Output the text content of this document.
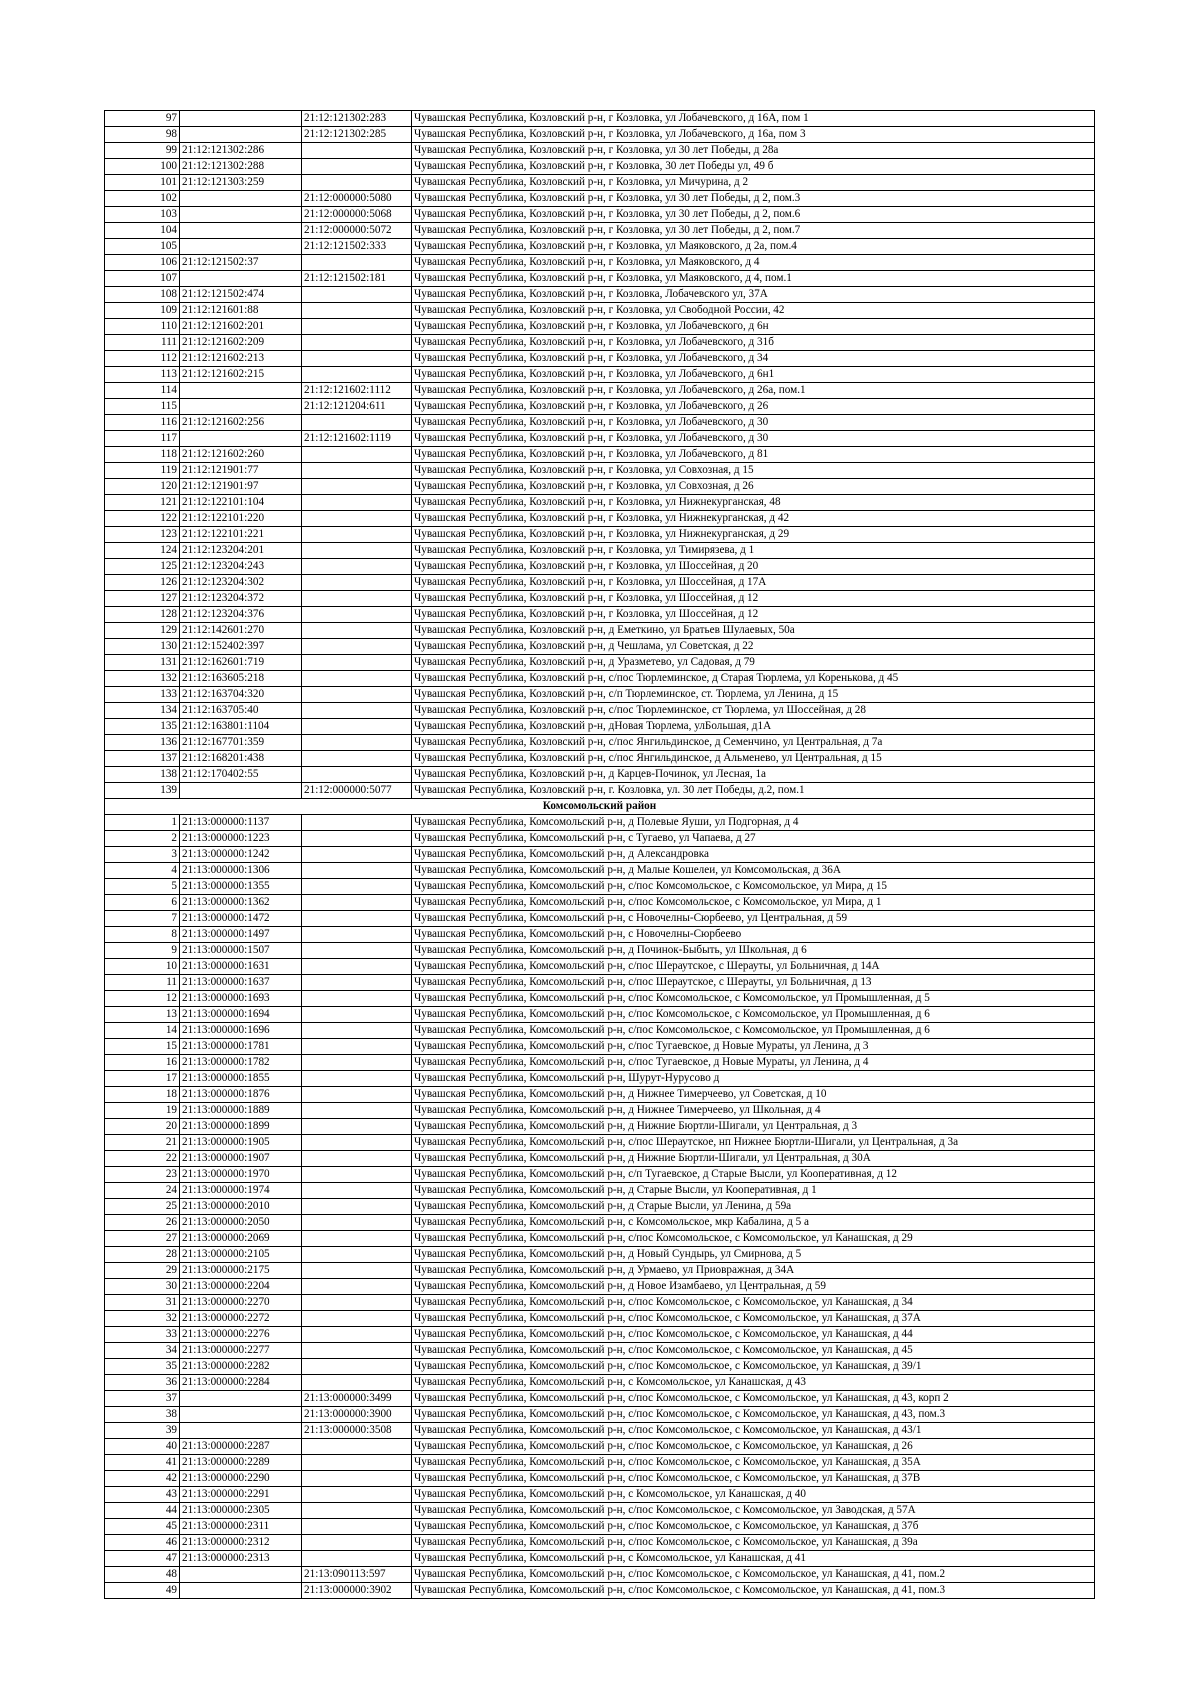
97		21:12:121302:283	Чувашская Республика, Козловский р-н, г Козловка, ул Лобачевского, д 16А, пом 1
98		21:12:121302:285	Чувашская Республика, Козловский р-н, г Козловка, ул Лобачевского, д 16а, пом 3
99	21:12:121302:286		Чувашская Республика, Козловский р-н, г Козловка, ул 30 лет Победы, д 28а
100	21:12:121302:288		Чувашская Республика, Козловский р-н, г Козловка, 30 лет Победы ул, 49 б
101	21:12:121303:259		Чувашская Республика, Козловский р-н, г Козловка, ул Мичурина, д 2
102		21:12:000000:5080	Чувашская Республика, Козловский р-н, г Козловка, ул 30 лет Победы, д 2, пом.3
103		21:12:000000:5068	Чувашская Республика, Козловский р-н, г Козловка, ул 30 лет Победы, д 2, пом.6
104		21:12:000000:5072	Чувашская Республика, Козловский р-н, г Козловка, ул 30 лет Победы, д 2, пом.7
105		21:12:121502:333	Чувашская Республика, Козловский р-н, г Козловка, ул Маяковского, д 2а, пом.4
106	21:12:121502:37		Чувашская Республика, Козловский р-н, г Козловка, ул Маяковского, д 4
107		21:12:121502:181	Чувашская Республика, Козловский р-н, г Козловка, ул Маяковского, д 4, пом.1
108	21:12:121502:474		Чувашская Республика, Козловский р-н, г Козловка, Лобачевского ул, 37А
109	21:12:121601:88		Чувашская Республика, Козловский р-н, г Козловка, ул Свободной России, 42
110	21:12:121602:201		Чувашская Республика, Козловский р-н, г Козловка, ул Лобачевского, д 6н
111	21:12:121602:209		Чувашская Республика, Козловский р-н, г Козловка, ул Лобачевского, д 31б
112	21:12:121602:213		Чувашская Республика, Козловский р-н, г Козловка, ул Лобачевского, д 34
113	21:12:121602:215		Чувашская Республика, Козловский р-н, г Козловка, ул Лобачевского, д 6н1
114		21:12:121602:1112	Чувашская Республика, Козловский р-н, г Козловка, ул Лобачевского, д 26а, пом.1
115		21:12:121204:611	Чувашская Республика, Козловский р-н, г Козловка, ул Лобачевского, д 26
116	21:12:121602:256		Чувашская Республика, Козловский р-н, г Козловка, ул Лобачевского, д 30
117		21:12:121602:1119	Чувашская Республика, Козловский р-н, г Козловка, ул Лобачевского, д 30
118	21:12:121602:260		Чувашская Республика, Козловский р-н, г Козловка, ул Лобачевского, д 81
119	21:12:121901:77		Чувашская Республика, Козловский р-н, г Козловка, ул Совхозная, д 15
120	21:12:121901:97		Чувашская Республика, Козловский р-н, г Козловка, ул Совхозная, д 26
121	21:12:122101:104		Чувашская Республика, Козловский р-н, г Козловка, ул Нижнекурганская, 48
122	21:12:122101:220		Чувашская Республика, Козловский р-н, г Козловка, ул Нижнекурганская, д 42
123	21:12:122101:221		Чувашская Республика, Козловский р-н, г Козловка, ул Нижнекурганская, д 29
124	21:12:123204:201		Чувашская Республика, Козловский р-н, г Козловка, ул Тимирязева, д 1
125	21:12:123204:243		Чувашская Республика, Козловский р-н, г Козловка, ул Шоссейная, д 20
126	21:12:123204:302		Чувашская Республика, Козловский р-н, г Козловка, ул Шоссейная, д 17А
127	21:12:123204:372		Чувашская Республика, Козловский р-н, г Козловка, ул Шоссейная, д 12
128	21:12:123204:376		Чувашская Республика, Козловский р-н, г Козловка, ул Шоссейная, д 12
129	21:12:142601:270		Чувашская Республика, Козловский р-н, д Еметкино, ул Братьев Шулаевых, 50а
130	21:12:152402:397		Чувашская Республика, Козловский р-н, д Чешлама, ул Советская, д 22
131	21:12:162601:719		Чувашская Республика, Козловский р-н, д Уразметево, ул Садовая, д 79
132	21:12:163605:218		Чувашская Республика, Козловский р-н, с/пос Тюрлеминское, д Старая Тюрлема, ул Кореньковa, д 45
133	21:12:163704:320		Чувашская Республика, Козловский р-н, с/п Тюрлеминское, ст. Тюрлема, ул Ленина, д 15
134	21:12:163705:40		Чувашская Республика, Козловский р-н, с/пос Тюрлеминское, ст Тюрлема, ул Шоссейная, д 28
135	21:12:163801:1104		Чувашская Республика, Козловский р-н, дНовая Тюрлема, улБольшая, д1А
136	21:12:167701:359		Чувашская Республика, Козловский р-н, с/пос Янгильдинское, д Семенчино, ул Центральная, д 7а
137	21:12:168201:438		Чувашская Республика, Козловский р-н, с/пос Янгильдинское, д Альменево, ул Центральная, д 15
138	21:12:170402:55		Чувашская Республика, Козловский р-н, д Карцев-Починок, ул Лесная, 1а
139		21:12:000000:5077	Чувашская Республика, Козловский р-н, г. Козловка, ул. 30 лет Победы, д.2, пом.1
Комсомольский район			
1	21:13:000000:1137		Чувашская Республика, Комсомольский р-н, д Полевые Яуши, ул Подгорная, д 4
2	21:13:000000:1223		Чувашская Республика, Комсомольский р-н, с Тугаево, ул Чапаева, д 27
3	21:13:000000:1242		Чувашская Республика, Комсомольский р-н, д Александровка
4	21:13:000000:1306		Чувашская Республика, Комсомольский р-н, д Малые Кошелеи, ул Комсомольская, д 36А
5	21:13:000000:1355		Чувашская Республика, Комсомольский р-н, с/пос Комсомольское, с Комсомольское, ул Мира, д 15
6	21:13:000000:1362		Чувашская Республика, Комсомольский р-н, с/пос Комсомольское, с Комсомольское, ул Мира, д 1
7	21:13:000000:1472		Чувашская Республика, Комсомольский р-н, с Новочелны-Сюрбеево, ул Центральная, д 59
8	21:13:000000:1497		Чувашская Республика, Комсомольский р-н, с Новочелны-Сюрбеево
9	21:13:000000:1507		Чувашская Республика, Комсомольский р-н, д Починок-Быбыть, ул Школьная, д 6
10	21:13:000000:1631		Чувашская Республика, Комсомольский р-н, с/пос Шераутское, с Шерауты, ул Больничная, д 14А
11	21:13:000000:1637		Чувашская Республика, Комсомольский р-н, с/пос Шераутское, с Шерауты, ул Больничная, д 13
12	21:13:000000:1693		Чувашская Республика, Комсомольский р-н, с/пос Комсомольское, с Комсомольское, ул Промышленная, д 5
13	21:13:000000:1694		Чувашская Республика, Комсомольский р-н, с/пос Комсомольское, с Комсомольское, ул Промышленная, д 6
14	21:13:000000:1696		Чувашская Республика, Комсомольский р-н, с/пос Комсомольское, с Комсомольское, ул Промышленная, д 6
15	21:13:000000:1781		Чувашская Республика, Комсомольский р-н, с/пос Тугаевское, д Новые Мураты, ул Ленина, д 3
16	21:13:000000:1782		Чувашская Республика, Комсомольский р-н, с/пос Тугаевское, д Новые Мураты, ул Ленина, д 4
17	21:13:000000:1855		Чувашская Республика, Комсомольский р-н, Шурут-Нурусово д
18	21:13:000000:1876		Чувашская Республика, Комсомольский р-н, д Нижнее Тимерчеево, ул Советская, д 10
19	21:13:000000:1889		Чувашская Республика, Комсомольский р-н, д Нижнее Тимерчеево, ул Школьная, д 4
20	21:13:000000:1899		Чувашская Республика, Комсомольский р-н, д Нижние Бюртли-Шигали, ул Центральная, д 3
21	21:13:000000:1905		Чувашская Республика, Комсомольский р-н, с/пос Шераутское, нп Нижнее Бюртли-Шигали, ул Центральная, д 3а
22	21:13:000000:1907		Чувашская Республика, Комсомольский р-н, д Нижние Бюртли-Шигали, ул Центральная, д 30А
23	21:13:000000:1970		Чувашская Республика, Комсомольский р-н, с/п Тугаевское, д Старые Высли, ул Кооперативная, д 12
24	21:13:000000:1974		Чувашская Республика, Комсомольский р-н, д Старые Высли, ул Кооперативная, д 1
25	21:13:000000:2010		Чувашская Республика, Комсомольский р-н, д Старые Высли, ул Ленина, д 59а
26	21:13:000000:2050		Чувашская Республика, Комсомольский р-н, с Комсомольское, мкр Кабалина, д 5 а
27	21:13:000000:2069		Чувашская Республика, Комсомольский р-н, с/пос Комсомольское, с Комсомольское, ул Канашская, д 29
28	21:13:000000:2105		Чувашская Республика, Комсомольский р-н, д Новый Сундырь, ул Смирнова, д 5
29	21:13:000000:2175		Чувашская Республика, Комсомольский р-н, д Урмаево, ул Приовражная, д 34А
30	21:13:000000:2204		Чувашская Республика, Комсомольский р-н, д Новое Изамбаево, ул Центральная, д 59
31	21:13:000000:2270		Чувашская Республика, Комсомольский р-н, с/пос Комсомольское, с Комсомольское, ул Канашская, д 34
32	21:13:000000:2272		Чувашская Республика, Комсомольский р-н, с/пос Комсомольское, с Комсомольское, ул Канашская, д 37А
33	21:13:000000:2276		Чувашская Республика, Комсомольский р-н, с/пос Комсомольское, с Комсомольское, ул Канашская, д 44
34	21:13:000000:2277		Чувашская Республика, Комсомольский р-н, с/пос Комсомольское, с Комсомольское, ул Канашская, д 45
35	21:13:000000:2282		Чувашская Республика, Комсомольский р-н, с/пос Комсомольское, с Комсомольское, ул Канашская, д 39/1
36	21:13:000000:2284		Чувашская Республика, Комсомольский р-н, с Комсомольское, ул Канашская, д 43
37		21:13:000000:3499	Чувашская Республика, Комсомольский р-н, с/пос Комсомольское, с Комсомольское, ул Канашская, д 43, корп 2
38		21:13:000000:3900	Чувашская Республика, Комсомольский р-н, с/пос Комсомольское, с Комсомольское, ул Канашская, д 43, пом.3
39		21:13:000000:3508	Чувашская Республика, Комсомольский р-н, с/пос Комсомольское, с Комсомольское, ул Канашская, д 43/1
40	21:13:000000:2287		Чувашская Республика, Комсомольский р-н, с/пос Комсомольское, с Комсомольское, ул Канашская, д 26
41	21:13:000000:2289		Чувашская Республика, Комсомольский р-н, с/пос Комсомольское, с Комсомольское, ул Канашская, д 35А
42	21:13:000000:2290		Чувашская Республика, Комсомольский р-н, с/пос Комсомольское, с Комсомольское, ул Канашская, д 37В
43	21:13:000000:2291		Чувашская Республика, Комсомольский р-н, с Комсомольское, ул Канашская, д 40
44	21:13:000000:2305		Чувашская Республика, Комсомольский р-н, с/пос Комсомольское, с Комсомольское, ул Заводская, д 57А
45	21:13:000000:2311		Чувашская Республика, Комсомольский р-н, с/пос Комсомольское, с Комсомольское, ул Канашская, д 37б
46	21:13:000000:2312		Чувашская Республика, Комсомольский р-н, с/пос Комсомольское, с Комсомольское, ул Канашская, д 39а
47	21:13:000000:2313		Чувашская Республика, Комсомольский р-н, с Комсомольское, ул Канашская, д 41
48		21:13:090113:597	Чувашская Республика, Комсомольский р-н, с/пос Комсомольское, с Комсомольское, ул Канашская, д 41, пом.2
49		21:13:000000:3902	Чувашская Республика, Комсомольский р-н, с/пос Комсомольское, с Комсомольское, ул Канашская, д 41, пом.3
